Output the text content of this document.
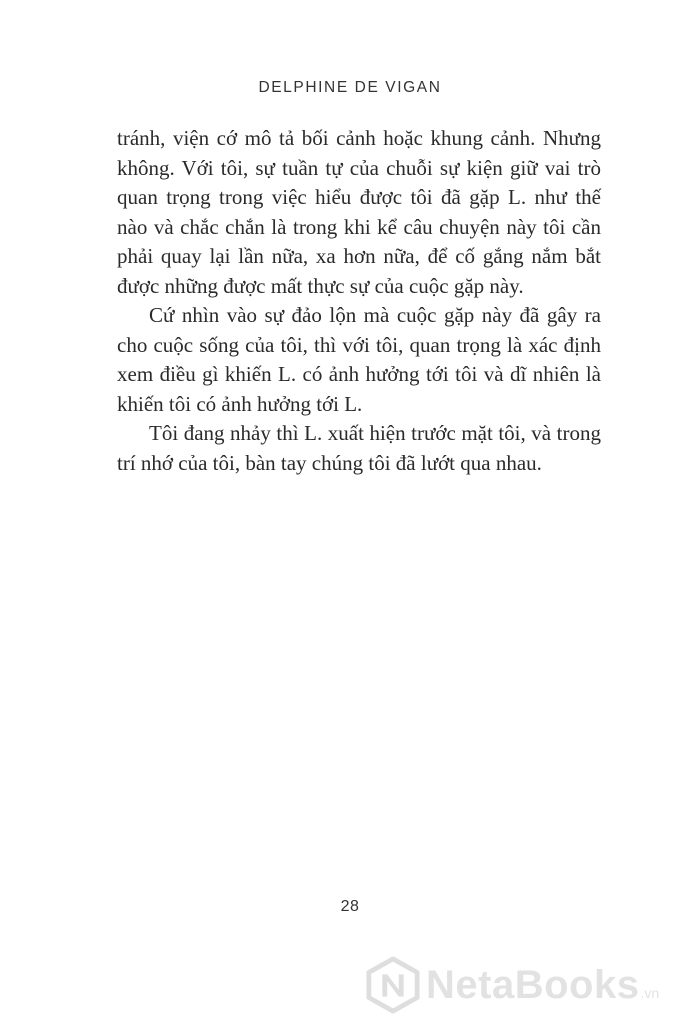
DELPHINE DE VIGAN

tránh, viện cớ mô tả bối cảnh hoặc khung cảnh. Nhưng không. Với tôi, sự tuần tự của chuỗi sự kiện giữ vai trò quan trọng trong việc hiểu được tôi đã gặp L. như thế nào và chắc chắn là trong khi kể câu chuyện này tôi cần phải quay lại lần nữa, xa hơn nữa, để cố gắng nắm bắt được những được mất thực sự của cuộc gặp này.

Cứ nhìn vào sự đảo lộn mà cuộc gặp này đã gây ra cho cuộc sống của tôi, thì với tôi, quan trọng là xác định xem điều gì khiến L. có ảnh hưởng tới tôi và dĩ nhiên là khiến tôi có ảnh hưởng tới L.

Tôi đang nhảy thì L. xuất hiện trước mặt tôi, và trong trí nhớ của tôi, bàn tay chúng tôi đã lướt qua nhau.

28
NetaBooks .vn
